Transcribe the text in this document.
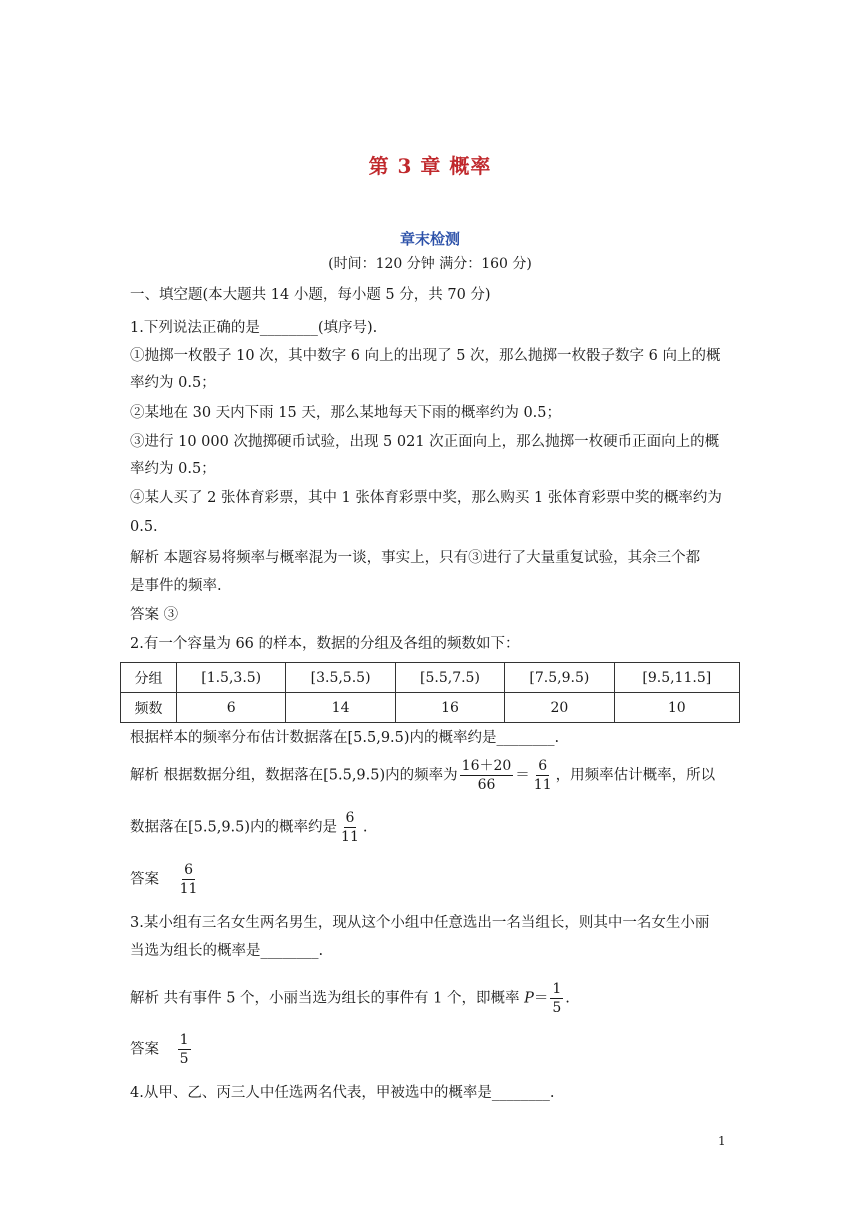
第 3 章 概率
章末检测
(时间：120 分钟 满分：160 分)
一、填空题(本大题共 14 小题，每小题 5 分，共 70 分)
1.下列说法正确的是________(填序号).
①抛掷一枚骰子 10 次，其中数字 6 向上的出现了 5 次，那么抛掷一枚骰子数字 6 向上的概
率约为 0.5；
②某地在 30 天内下雨 15 天，那么某地每天下雨的概率约为 0.5；
③进行 10 000 次抛掷硬币试验，出现 5 021 次正面向上，那么抛掷一枚硬币正面向上的概
率约为 0.5；
④某人买了 2 张体育彩票，其中 1 张体育彩票中奖，那么购买 1 张体育彩票中奖的概率约为
0.5.
解析 本题容易将频率与概率混为一谈，事实上，只有③进行了大量重复试验，其余三个都
是事件的频率.
答案 ③
2.有一个容量为 66 的样本，数据的分组及各组的频数如下：
分组	[1.5,3.5)	[3.5,5.5)	[5.5,7.5)	[7.5,9.5)	[9.5,11.5]
频数	6	14	16	20	10
根据样本的频率分布估计数据落在[5.5,9.5)内的概率约是________.
解析 根据数据分组，数据落在[5.5,9.5)内的频率为 $\frac{16+20}{66} = \frac{6}{11}$ ，用频率估计概率，所以
数据落在[5.5,9.5)内的概率约是 $\frac{6}{11}$ .
答案 $\frac{6}{11}$
3.某小组有三名女生两名男生，现从这个小组中任意选出一名当组长，则其中一名女生小丽
当选为组长的概率是________.
解析 共有事件 5 个，小丽当选为组长的事件有 1 个，即概率 $P= \frac{1}{5}$ .
答案 $\frac{1}{5}$
4.从甲、乙、丙三人中任选两名代表，甲被选中的概率是________.
1
